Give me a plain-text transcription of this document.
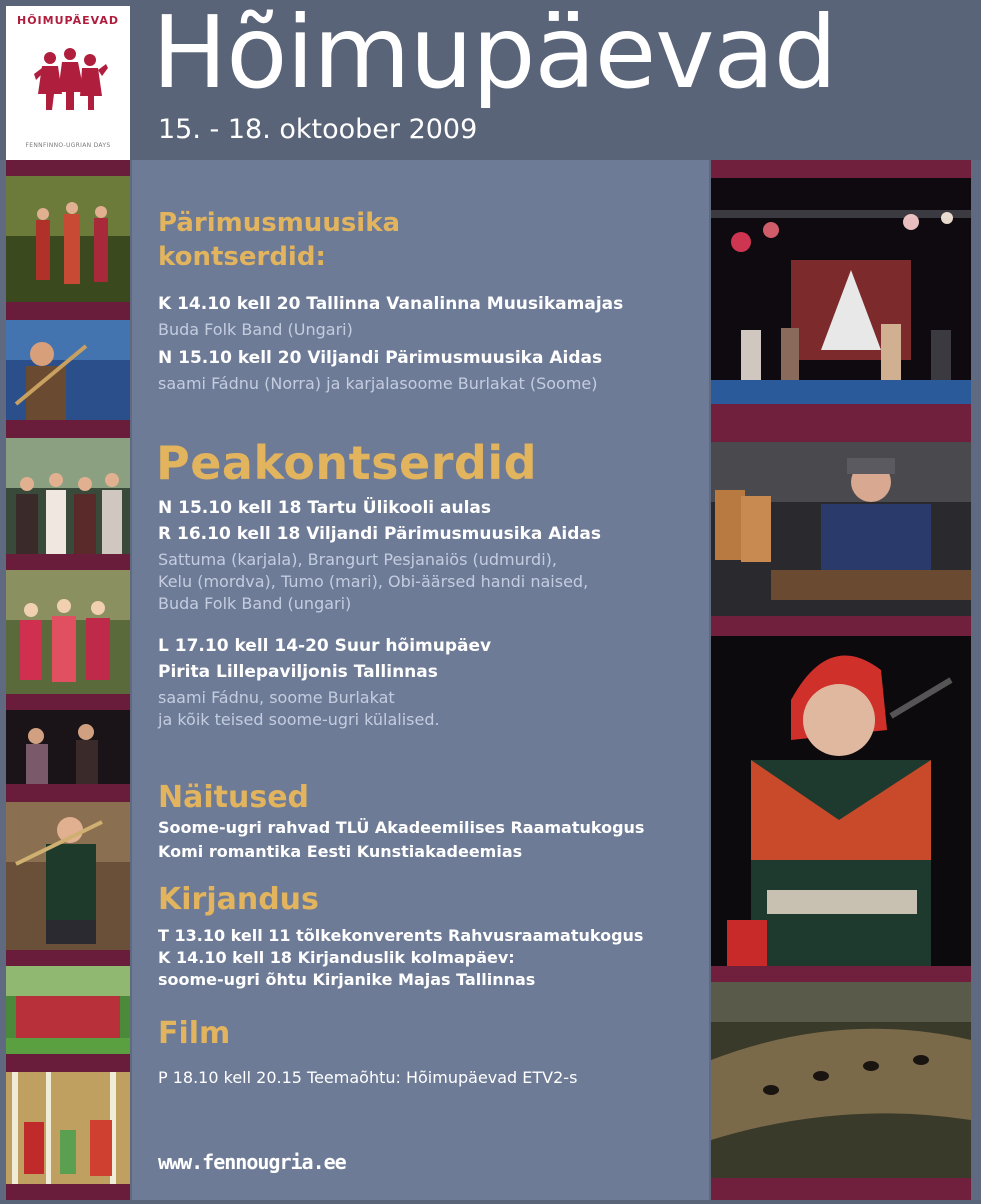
HÕIMUPÄEVAD
FENNFINNO-UGRIAN DAYS
Hõimupäevad
15. - 18. oktoober 2009
Pärimusmuusika
kontserdid:
K 14.10 kell 20 Tallinna Vanalinna Muusikamajas
Buda Folk Band (Ungari)
N 15.10 kell 20 Viljandi Pärimusmuusika Aidas
saami Fádnu (Norra) ja karjalasoome Burlakat (Soome)
Peakontserdid
N 15.10 kell 18 Tartu Ülikooli aulas
R 16.10 kell 18 Viljandi Pärimusmuusika Aidas
Sattuma (karjala), Brangurt Pesjanaiös (udmurdi),
Kelu (mordva), Tumo (mari), Obi-äärsed handi naised,
Buda Folk Band (ungari)
L 17.10 kell 14-20 Suur hõimupäev
Pirita Lillepaviljonis Tallinnas
saami Fádnu, soome Burlakat
ja kõik teised soome-ugri külalised.
Näitused
Soome-ugri rahvad TLÜ Akadeemilises Raamatukogus
Komi romantika Eesti Kunstiakadeemias
Kirjandus
T 13.10 kell 11 tõlkekonverents Rahvusraamatukogus
K 14.10 kell 18 Kirjanduslik kolmapäev:
soome-ugri õhtu Kirjanike Majas Tallinnas
Film
P 18.10 kell 20.15 Teemaõhtu: Hõimupäevad ETV2-s
www.fennougria.ee
